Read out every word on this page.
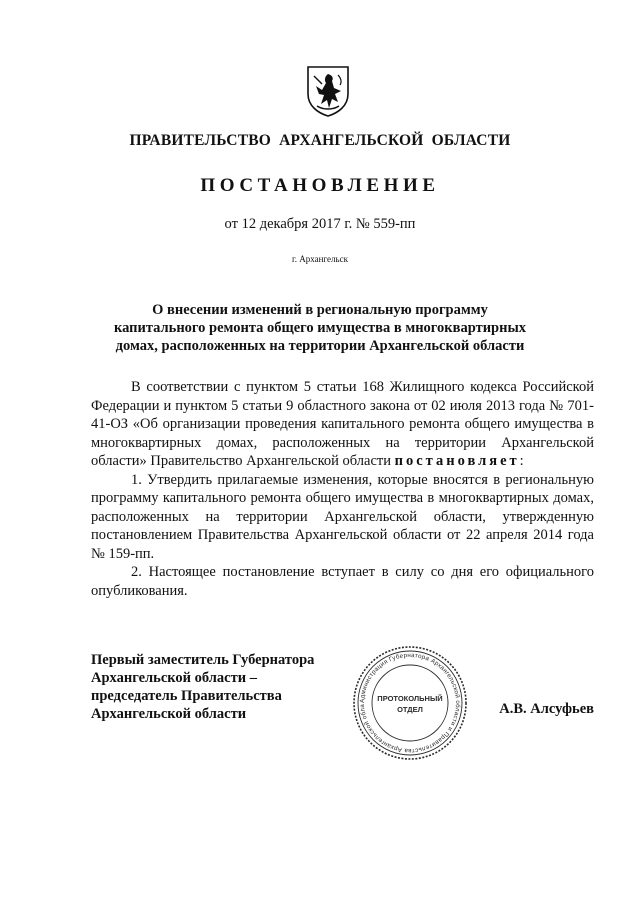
ПРАВИТЕЛЬСТВО АРХАНГЕЛЬСКОЙ ОБЛАСТИ
ПОСТАНОВЛЕНИЕ
от 12 декабря 2017 г. № 559-пп
г. Архангельск
О внесении изменений в региональную программу
капитального ремонта общего имущества в многоквартирных
домах, расположенных на территории Архангельской области

В соответствии с пунктом 5 статьи 168 Жилищного кодекса Российской Федерации и пунктом 5 статьи 9 областного закона от 02 июля 2013 года № 701-41-ОЗ «Об организации проведения капитального ремонта общего имущества в многоквартирных домах, расположенных на территории Архангельской области» Правительство Архангельской области постановляет:

1. Утвердить прилагаемые изменения, которые вносятся в региональную программу капитального ремонта общего имущества в многоквартирных домах, расположенных на территории Архангельской области, утвержденную постановлением Правительства Архангельской области от 22 апреля 2014 года № 159-пп.

2. Настоящее постановление вступает в силу со дня его официального опубликования.

Первый заместитель Губернатора
Архангельской области –
председатель Правительства
Архангельской области	А.В. Алсуфьев
Администрация Губернатора Архангельской области и Правительства Архангельской обла
ПРОТОКОЛЬНЫЙ
ОТДЕЛ
